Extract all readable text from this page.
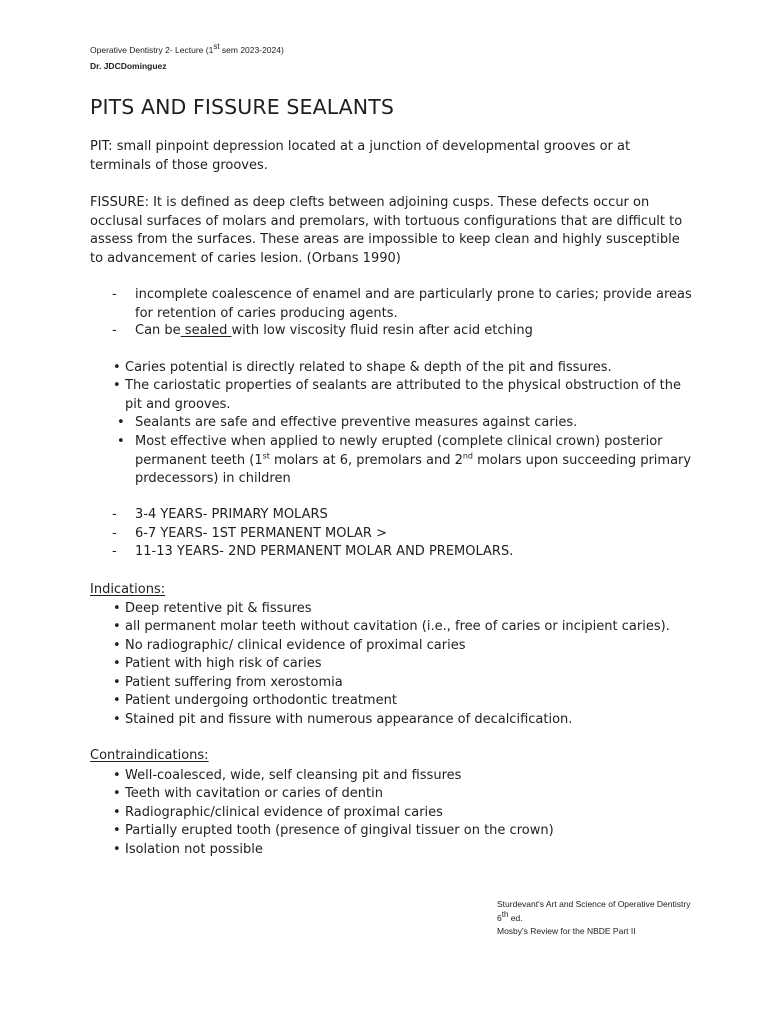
Operative Dentistry 2- Lecture (1st sem 2023-2024)
Dr. JDCDominguez
PITS AND FISSURE SEALANTS
PIT: small pinpoint depression located at a junction of developmental grooves or at terminals of those grooves.
FISSURE: It is defined as deep clefts between adjoining cusps. These defects occur on occlusal surfaces of molars and premolars, with tortuous configurations that are difficult to assess from the surfaces. These areas are impossible to keep clean and highly susceptible to advancement of caries lesion. (Orbans 1990)
- incomplete coalescence of enamel and are particularly prone to caries; provide areas for retention of caries producing agents.
- Can be sealed with low viscosity fluid resin after acid etching
• Caries potential is directly related to shape & depth of the pit and fissures.
• The cariostatic properties of sealants are attributed to the physical obstruction of the pit and grooves.
• Sealants are safe and effective preventive measures against caries.
• Most effective when applied to newly erupted (complete clinical crown) posterior permanent teeth (1st molars at 6, premolars and 2nd molars upon succeeding primary prdecessors) in children
- 3-4 YEARS- PRIMARY MOLARS
- 6-7 YEARS- 1ST PERMANENT MOLAR >
- 11-13 YEARS- 2ND PERMANENT MOLAR AND PREMOLARS.
Indications:
• Deep retentive pit & fissures
• all permanent molar teeth without cavitation (i.e., free of caries or incipient caries).
• No radiographic/ clinical evidence of proximal caries
• Patient with high risk of caries
• Patient suffering from xerostomia
• Patient undergoing orthodontic treatment
• Stained pit and fissure with numerous appearance of decalcification.
Contraindications:
• Well-coalesced, wide, self cleansing pit and fissures
• Teeth with cavitation or caries of dentin
• Radiographic/clinical evidence of proximal caries
• Partially erupted tooth (presence of gingival tissuer on the crown)
• Isolation not possible
Sturdevant's Art and Science of Operative Dentistry 6th ed.
Mosby's Review for the NBDE Part II
